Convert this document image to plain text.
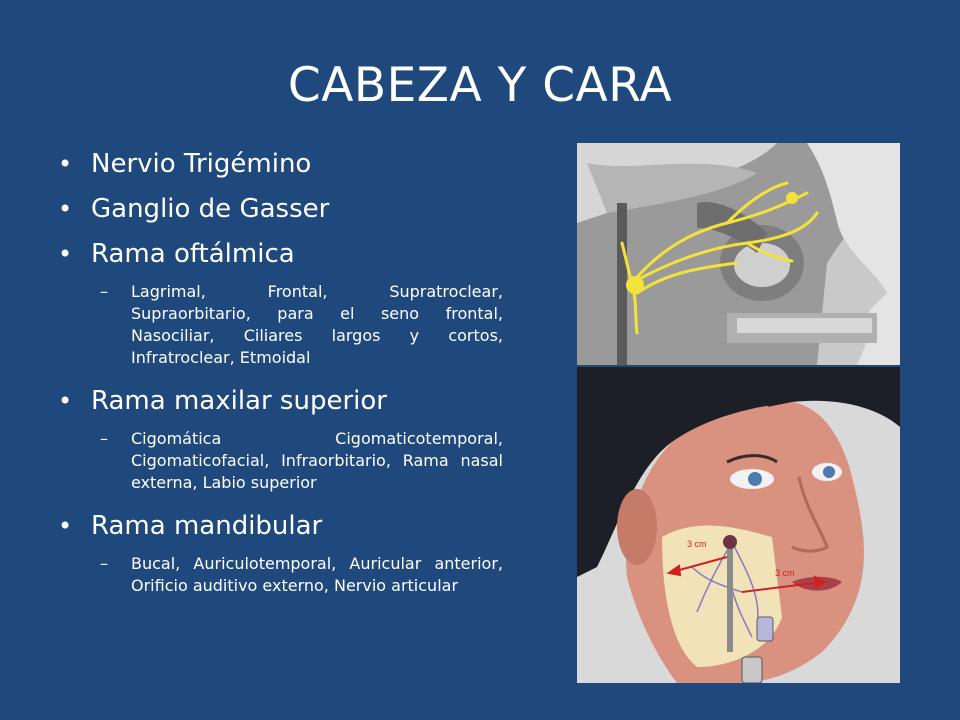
CABEZA Y CARA
• Nervio Trigémino
• Ganglio de Gasser
• Rama oftálmica
– Lagrimal, Frontal, Supratroclear, Supraorbitario, para el seno frontal, Nasociliar, Ciliares largos y cortos, Infratroclear, Etmoidal
• Rama maxilar superior
– Cigomática Cigomaticotemporal, Cigomaticofacial, Infraorbitario, Rama nasal externa, Labio superior
• Rama mandibular
– Bucal, Auriculotemporal, Auricular anterior, Orificio auditivo externo, Nervio articular
3 cm
3 cm
